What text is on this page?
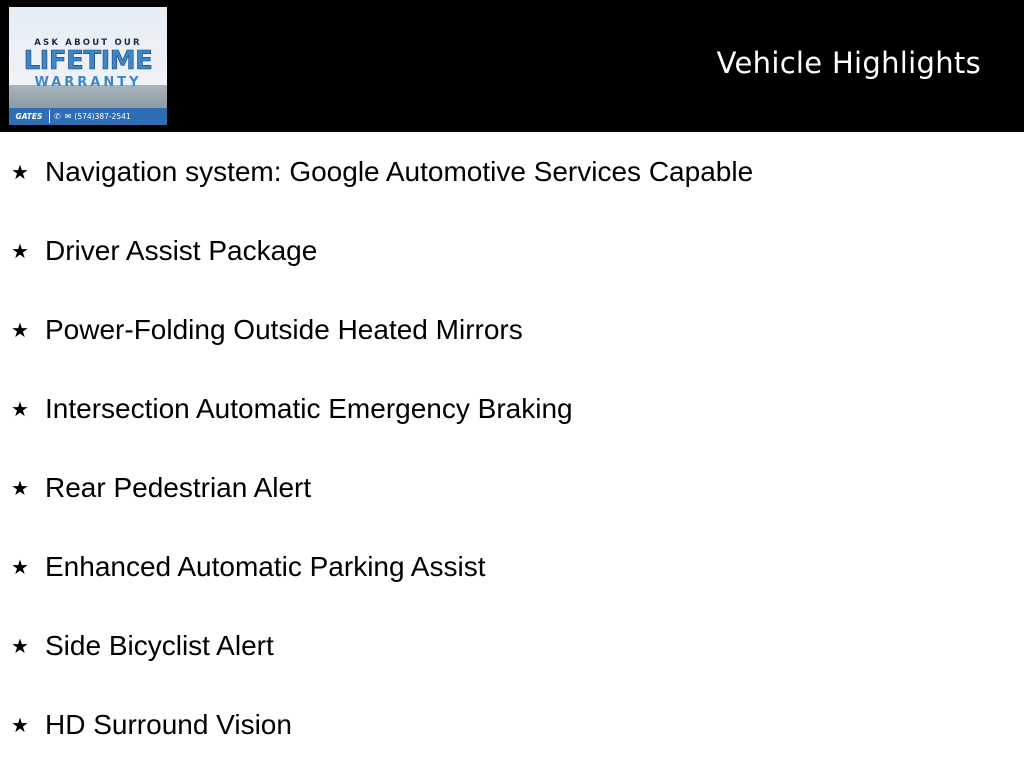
ASK ABOUT OUR
LIFETIME
WARRANTY
GATES	✆ ✉ (574)387-2541
Vehicle Highlights
★ Navigation system: Google Automotive Services Capable
★ Driver Assist Package
★ Power-Folding Outside Heated Mirrors
★ Intersection Automatic Emergency Braking
★ Rear Pedestrian Alert
★ Enhanced Automatic Parking Assist
★ Side Bicyclist Alert
★ HD Surround Vision
